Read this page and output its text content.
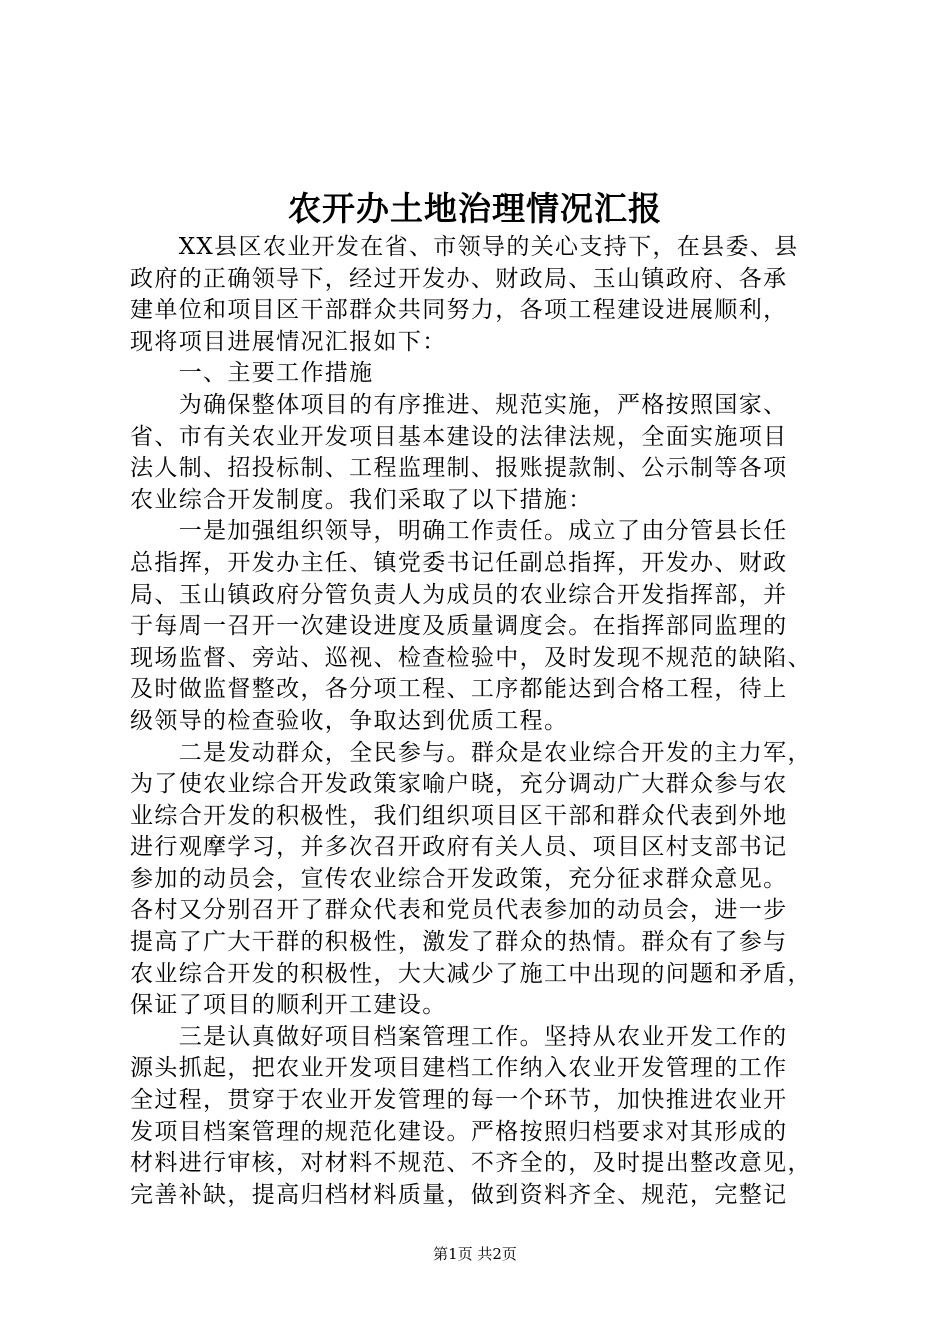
农开办土地治理情况汇报
　　XX县区农业开发在省、市领导的关心支持下，在县委、县
政府的正确领导下，经过开发办、财政局、玉山镇政府、各承
建单位和项目区干部群众共同努力，各项工程建设进展顺利，
现将项目进展情况汇报如下：
　　一、主要工作措施
　　为确保整体项目的有序推进、规范实施，严格按照国家、
省、市有关农业开发项目基本建设的法律法规，全面实施项目
法人制、招投标制、工程监理制、报账提款制、公示制等各项
农业综合开发制度。我们采取了以下措施：
　　一是加强组织领导，明确工作责任。成立了由分管县长任
总指挥，开发办主任、镇党委书记任副总指挥，开发办、财政
局、玉山镇政府分管负责人为成员的农业综合开发指挥部，并
于每周一召开一次建设进度及质量调度会。在指挥部同监理的
现场监督、旁站、巡视、检查检验中，及时发现不规范的缺陷、
及时做监督整改，各分项工程、工序都能达到合格工程，待上
级领导的检查验收，争取达到优质工程。
　　二是发动群众，全民参与。群众是农业综合开发的主力军，
为了使农业综合开发政策家喻户晓，充分调动广大群众参与农
业综合开发的积极性，我们组织项目区干部和群众代表到外地
进行观摩学习，并多次召开政府有关人员、项目区村支部书记
参加的动员会，宣传农业综合开发政策，充分征求群众意见。
各村又分别召开了群众代表和党员代表参加的动员会，进一步
提高了广大干群的积极性，激发了群众的热情。群众有了参与
农业综合开发的积极性，大大减少了施工中出现的问题和矛盾，
保证了项目的顺利开工建设。
　　三是认真做好项目档案管理工作。坚持从农业开发工作的
源头抓起，把农业开发项目建档工作纳入农业开发管理的工作
全过程，贯穿于农业开发管理的每一个环节，加快推进农业开
发项目档案管理的规范化建设。严格按照归档要求对其形成的
材料进行审核，对材料不规范、不齐全的，及时提出整改意见，
完善补缺，提高归档材料质量，做到资料齐全、规范，完整记
第1页 共2页
